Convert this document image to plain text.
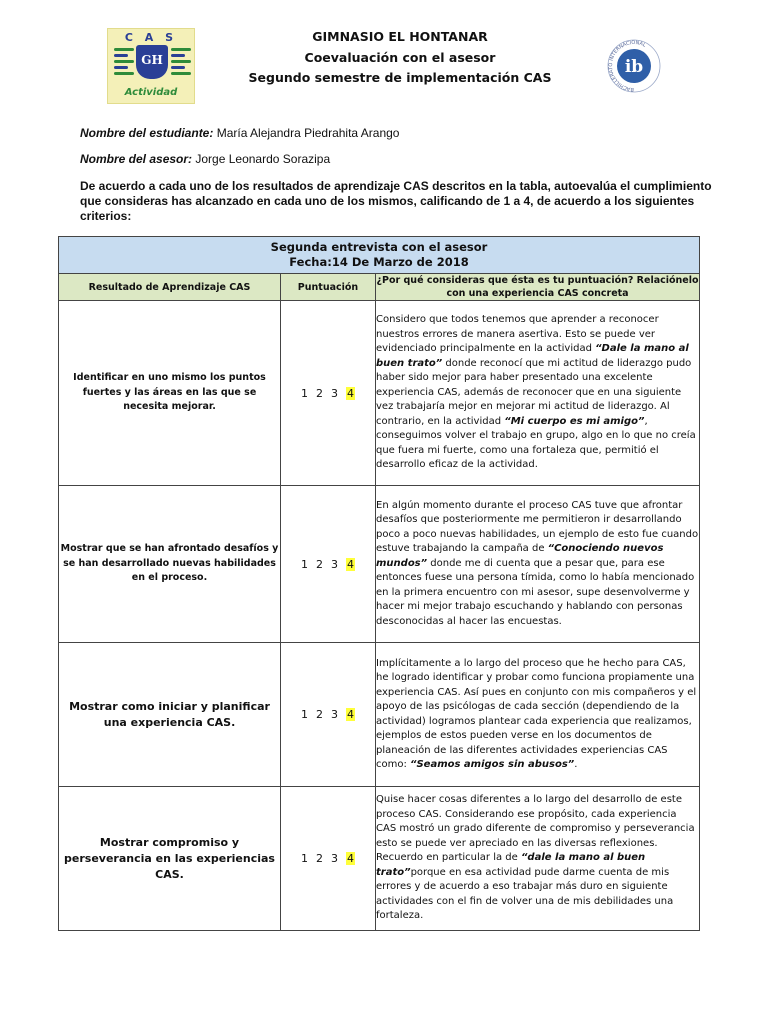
C A S
GH
Actividad	BACHILLERATO INTERNACIONAL
ib
GIMNASIO EL HONTANAR
Coevaluación con el asesor
Segundo semestre de implementación CAS
Nombre del estudiante: María Alejandra Piedrahita Arango
Nombre del asesor: Jorge Leonardo Sorazipa
De acuerdo a cada uno de los resultados de aprendizaje CAS descritos en la tabla, autoevalúa el cumplimiento que consideras has alcanzado en cada uno de los mismos, calificando de 1 a 4, de acuerdo a los siguientes criterios:
Segunda entrevista con el asesor
Fecha:14 De Marzo de 2018		

Resultado de Aprendizaje CAS	Puntuación	¿Por qué consideras que ésta es tu puntuación? Relaciónelo con una experiencia CAS concreta
Identificar en uno mismo los puntos fuertes y las áreas en las que se necesita mejorar.	1 2 3 4	Considero que todos tenemos que aprender a reconocer nuestros errores de manera asertiva. Esto se puede ver evidenciado principalmente en la actividad “Dale la mano al buen trato” donde reconocí que mi actitud de liderazgo pudo haber sido mejor para haber presentado una excelente experiencia CAS, además de reconocer que en una siguiente vez trabajaría mejor en mejorar mi actitud de liderazgo. Al contrario, en la actividad “Mi cuerpo es mi amigo”, conseguimos volver el trabajo en grupo, algo en lo que no creía que fuera mi fuerte, como una fortaleza que, permitió el desarrollo eficaz de la actividad.
Mostrar que se han afrontado desafíos y se han desarrollado nuevas habilidades en el proceso.	1 2 3 4	En algún momento durante el proceso CAS tuve que afrontar desafíos que posteriormente me permitieron ir desarrollando poco a poco nuevas habilidades, un ejemplo de esto fue cuando estuve trabajando la campaña de “Conociendo nuevos mundos” donde me di cuenta que a pesar que, para ese entonces fuese una persona tímida, como lo había mencionado en la primera encuentro con mi asesor, supe desenvolverme y hacer mi mejor trabajo escuchando y hablando con personas desconocidas al hacer las encuestas.
Mostrar como iniciar y planificar una experiencia CAS.	1 2 3 4	Implícitamente a lo largo del proceso que he hecho para CAS, he logrado identificar y probar como funciona propiamente una experiencia CAS. Así pues en conjunto con mis compañeros y el apoyo de las psicólogas de cada sección (dependiendo de la actividad) logramos plantear cada experiencia que realizamos, ejemplos de estos pueden verse en los documentos de planeación de las diferentes actividades experiencias CAS como: “Seamos amigos sin abusos”.
Mostrar compromiso y perseverancia en las experiencias CAS.	1 2 3 4	Quise hacer cosas diferentes a lo largo del desarrollo de este proceso CAS. Considerando ese propósito, cada experiencia CAS mostró un grado diferente de compromiso y perseverancia esto se puede ver apreciado en las diversas reflexiones. Recuerdo en particular la de “dale la mano al buen trato”porque en esa actividad pude darme cuenta de mis errores y de acuerdo a eso trabajar más duro en siguiente actividades con el fin de volver una de mis debilidades una fortaleza.
